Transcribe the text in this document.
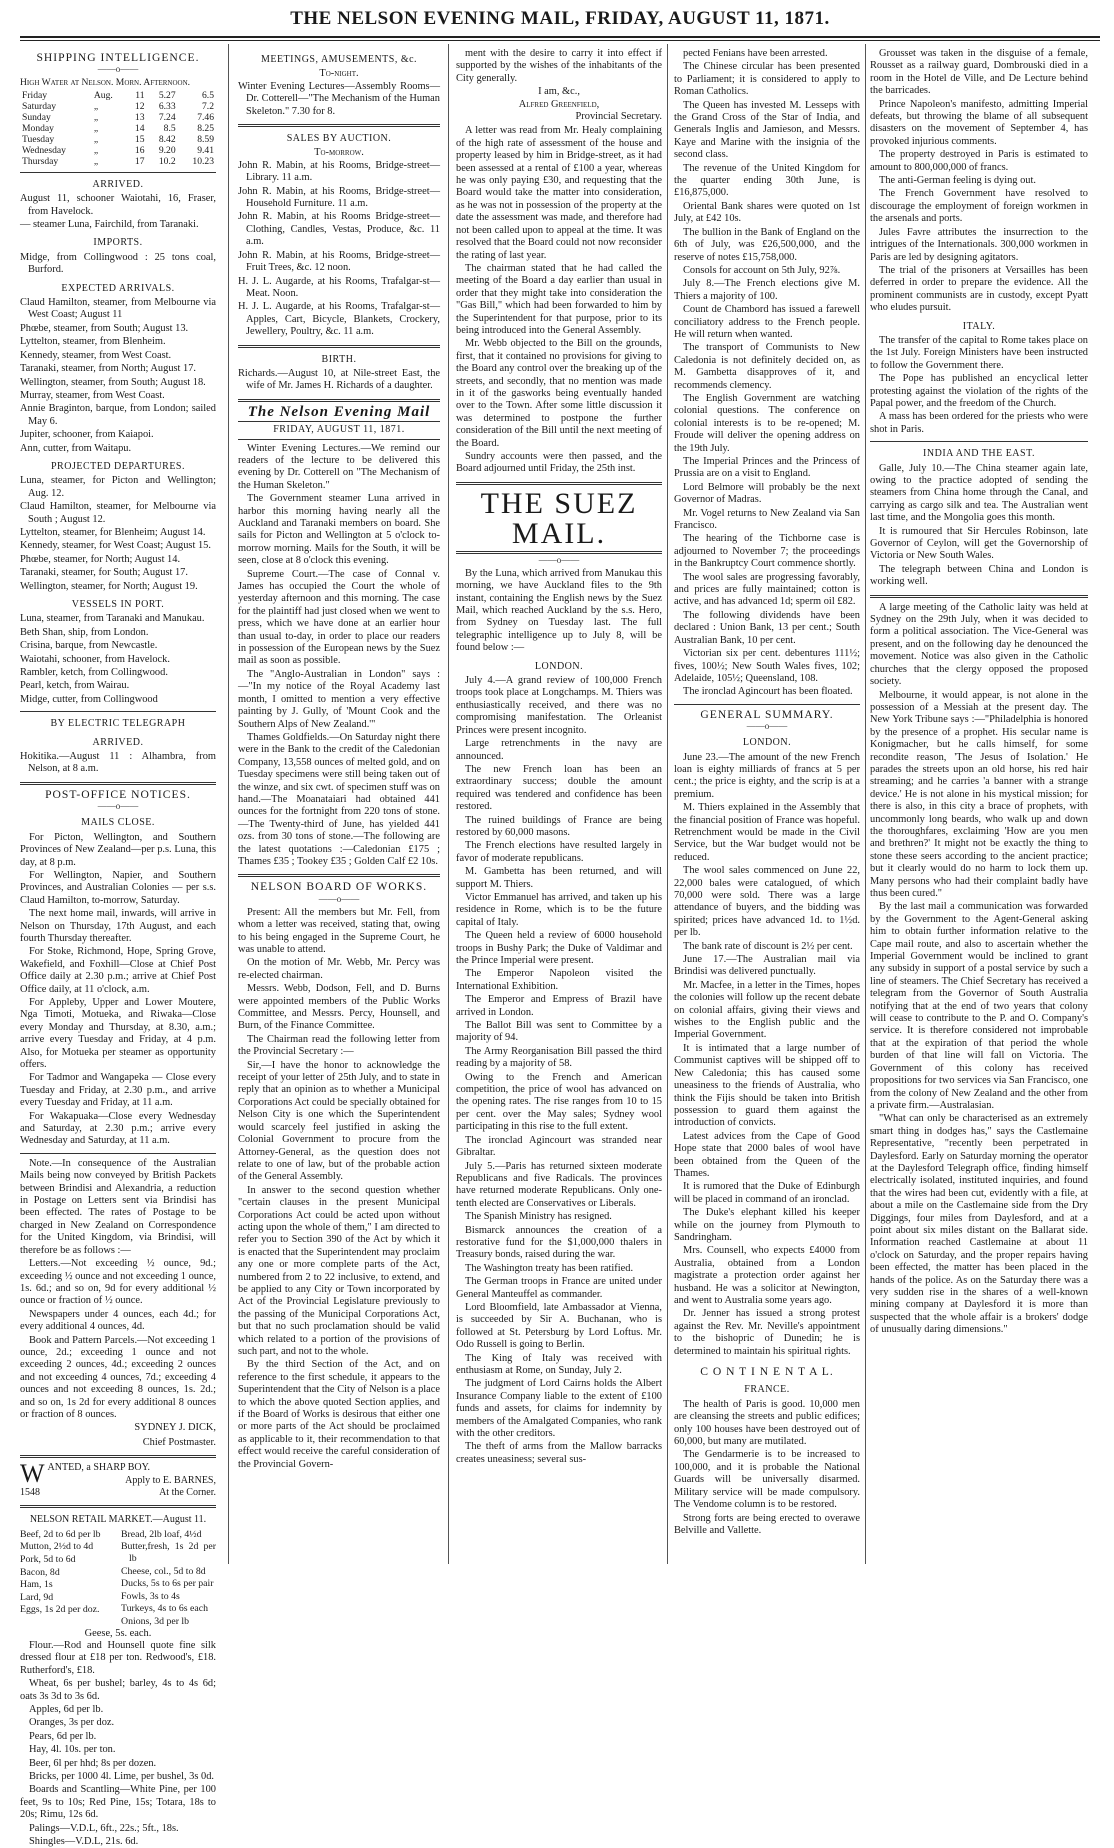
THE NELSON EVENING MAIL, FRIDAY, AUGUST 11, 1871.
SHIPPING INTELLIGENCE.
——o——
High Water at Nelson. Morn. Afternoon.
Friday	Aug.	11	5.27	6.5
Saturday	„	12	6.33	7.2
Sunday	„	13	7.24	7.46
Monday	„	14	8.5	8.25
Tuesday	„	15	8.42	8.59
Wednesday	„	16	9.20	9.41
Thursday	„	17	10.2	10.23
ARRIVED.
August 11, schooner Waiotahi, 16, Fraser, from Havelock.
— steamer Luna, Fairchild, from Taranaki.
IMPORTS.
Midge, from Collingwood : 25 tons coal, Burford.
EXPECTED ARRIVALS.
Claud Hamilton, steamer, from Melbourne via West Coast; August 11
Phœbe, steamer, from South; August 13.
Lyttelton, steamer, from Blenheim.
Kennedy, steamer, from West Coast.
Taranaki, steamer, from North; August 17.
Wellington, steamer, from South; August 18.
Murray, steamer, from West Coast.
Annie Braginton, barque, from London; sailed May 6.
Jupiter, schooner, from Kaiapoi.
Ann, cutter, from Waitapu.
PROJECTED DEPARTURES.
Luna, steamer, for Picton and Wellington; Aug. 12.
Claud Hamilton, steamer, for Melbourne via South ; August 12.
Lyttelton, steamer, for Blenheim; August 14.
Kennedy, steamer, for West Coast; August 15.
Phœbe, steamer, for North; August 14.
Taranaki, steamer, for South; August 17.
Wellington, steamer, for North; August 19.
VESSELS IN PORT.
Luna, steamer, from Taranaki and Manukau.
Beth Shan, ship, from London.
Crisina, barque, from Newcastle.
Waiotahi, schooner, from Havelock.
Rambler, ketch, from Collingwood.
Pearl, ketch, from Wairau.
Midge, cutter, from Collingwood
BY ELECTRIC TELEGRAPH
ARRIVED.
Hokitika.—August 11 : Alhambra, from Nelson, at 8 a.m.
POST-OFFICE NOTICES.
——o——
MAILS CLOSE.
For Picton, Wellington, and Southern Provinces of New Zealand—per p.s. Luna, this day, at 8 p.m.
For Wellington, Napier, and Southern Provinces, and Australian Colonies — per s.s. Claud Hamilton, to-morrow, Saturday.
The next home mail, inwards, will arrive in Nelson on Thursday, 17th August, and each fourth Thursday thereafter.
For Stoke, Richmond, Hope, Spring Grove, Wakefield, and Foxhill—Close at Chief Post Office daily at 2.30 p.m.; arrive at Chief Post Office daily, at 11 o'clock, a.m.
For Appleby, Upper and Lower Moutere, Nga Timoti, Motueka, and Riwaka—Close every Monday and Thursday, at 8.30, a.m.; arrive every Tuesday and Friday, at 4 p.m. Also, for Motueka per steamer as opportunity offers.
For Tadmor and Wangapeka — Close every Tuesday and Friday, at 2.30 p.m., and arrive every Tuesday and Friday, at 11 a.m.
For Wakapuaka—Close every Wednesday and Saturday, at 2.30 p.m.; arrive every Wednesday and Saturday, at 11 a.m.
Note.—In consequence of the Australian Mails being now conveyed by British Packets between Brindisi and Alexandria, a reduction in Postage on Letters sent via Brindisi has been effected. The rates of Postage to be charged in New Zealand on Correspondence for the United Kingdom, via Brindisi, will therefore be as follows :—
Letters.—Not exceeding ½ ounce, 9d.; exceeding ½ ounce and not exceeding 1 ounce, 1s. 6d.; and so on, 9d for every additional ½ ounce or fraction of ½ ounce.
Newspapers under 4 ounces, each 4d.; for every additional 4 ounces, 4d.
Book and Pattern Parcels.—Not exceeding 1 ounce, 2d.; exceeding 1 ounce and not exceeding 2 ounces, 4d.; exceeding 2 ounces and not exceeding 4 ounces, 7d.; exceeding 4 ounces and not exceeding 8 ounces, 1s. 2d.; and so on, 1s 2d for every additional 8 ounces or fraction of 8 ounces.
SYDNEY J. DICK,
Chief Postmaster.
W ANTED, a SHARP BOY.
Apply to E. BARNES,
1548	At the Corner.
NELSON RETAIL MARKET.—August 11.
Beef, 2d to 6d per lb
Mutton, 2½d to 4d
Pork, 5d to 6d
Bacon, 8d
Ham, 1s
Lard, 9d
Eggs, 1s 2d per doz.
Bread, 2lb loaf, 4½d
Butter,fresh, 1s 2d per lb
Cheese, col., 5d to 8d
Ducks, 5s to 6s per pair
Fowls, 3s to 4s
Turkeys, 4s to 6s each
Onions, 3d per lb
Geese, 5s. each.
Flour.—Rod and Hounsell quote fine silk dressed flour at £18 per ton. Redwood's, £18. Rutherford's, £18.
Wheat, 6s per bushel; barley, 4s to 4s 6d; oats 3s 3d to 3s 6d.
Apples, 6d per lb.
Oranges, 3s per doz.
Pears, 6d per lb.
Hay, 4l. 10s. per ton.
Beer, 6l per hhd; 8s per dozen.
Bricks, per 1000 4l. Lime, per bushel, 3s 0d.
Boards and Scantling—White Pine, per 100 feet, 9s to 10s; Red Pine, 15s; Totara, 18s to 20s; Rimu, 12s 6d.
Palings—V.D.L, 6ft., 22s.; 5ft., 18s.
Shingles—V.D.L, 21s. 6d.
MEETINGS, AMUSEMENTS, &c.
To-night.
Winter Evening Lectures—Assembly Rooms—Dr. Cotterell—"The Mechanism of the Human Skeleton." 7.30 for 8.
SALES BY AUCTION.
To-morrow.
John R. Mabin, at his Rooms, Bridge-street—Library. 11 a.m.
John R. Mabin, at his Rooms, Bridge-street—Household Furniture. 11 a.m.
John R. Mabin, at his Rooms Bridge-street—Clothing, Candles, Vestas, Produce, &c. 11 a.m.
John R. Mabin, at his Rooms, Bridge-street—Fruit Trees, &c. 12 noon.
H. J. L. Augarde, at his Rooms, Trafalgar-st—Meat. Noon.
H. J. L. Augarde, at his Rooms, Trafalgar-st—Apples, Cart, Bicycle, Blankets, Crockery, Jewellery, Poultry, &c. 11 a.m.
BIRTH.
Richards.—August 10, at Nile-street East, the wife of Mr. James H. Richards of a daughter.
The Nelson Evening Mail
FRIDAY, AUGUST 11, 1871.
Winter Evening Lectures.—We remind our readers of the lecture to be delivered this evening by Dr. Cotterell on "The Mechanism of the Human Skeleton."
The Government steamer Luna arrived in harbor this morning having nearly all the Auckland and Taranaki members on board. She sails for Picton and Wellington at 5 o'clock to-morrow morning. Mails for the South, it will be seen, close at 8 o'clock this evening.
Supreme Court.—The case of Connal v. James has occupied the Court the whole of yesterday afternoon and this morning. The case for the plaintiff had just closed when we went to press, which we have done at an earlier hour than usual to-day, in order to place our readers in possession of the European news by the Suez mail as soon as possible.
The "Anglo-Australian in London" says :—"In my notice of the Royal Academy last month, I omitted to mention a very effective painting by J. Gully, of 'Mount Cook and the Southern Alps of New Zealand.'"
Thames Goldfields.—On Saturday night there were in the Bank to the credit of the Caledonian Company, 13,558 ounces of melted gold, and on Tuesday specimens were still being taken out of the winze, and six cwt. of specimen stuff was on hand.—The Moanataiari had obtained 441 ounces for the fortnight from 220 tons of stone.—The Twenty-third of June, has yielded 441 ozs. from 30 tons of stone.—The following are the latest quotations :—Caledonian £175 ; Thames £35 ; Tookey £35 ; Golden Calf £2 10s.
NELSON BOARD OF WORKS.
——o——
Present: All the members but Mr. Fell, from whom a letter was received, stating that, owing to his being engaged in the Supreme Court, he was unable to attend.
On the motion of Mr. Webb, Mr. Percy was re-elected chairman.
Messrs. Webb, Dodson, Fell, and D. Burns were appointed members of the Public Works Committee, and Messrs. Percy, Hounsell, and Burn, of the Finance Committee.
The Chairman read the following letter from the Provincial Secretary :—
Sir,—I have the honor to acknowledge the receipt of your letter of 25th July, and to state in reply that an opinion as to whether a Municipal Corporations Act could be specially obtained for Nelson City is one which the Superintendent would scarcely feel justified in asking the Colonial Government to procure from the Attorney-General, as the question does not relate to one of law, but of the probable action of the General Assembly.
In answer to the second question whether "certain clauses in the present Municipal Corporations Act could be acted upon without acting upon the whole of them," I am directed to refer you to Section 390 of the Act by which it is enacted that the Superintendent may proclaim any one or more complete parts of the Act, numbered from 2 to 22 inclusive, to extend, and be applied to any City or Town incorporated by Act of the Provincial Legislature previously to the passing of the Municipal Corporations Act, but that no such proclamation should be valid which related to a portion of the provisions of such part, and not to the whole.
By the third Section of the Act, and on reference to the first schedule, it appears to the Superintendent that the City of Nelson is a place to which the above quoted Section applies, and if the Board of Works is desirous that either one or more parts of the Act should be proclaimed as applicable to it, their recommendation to that effect would receive the careful consideration of the Provincial Govern-
ment with the desire to carry it into effect if supported by the wishes of the inhabitants of the City generally.
I am, &c.,
Alfred Greenfield,
Provincial Secretary.
A letter was read from Mr. Healy complaining of the high rate of assessment of the house and property leased by him in Bridge-street, as it had been assessed at a rental of £100 a year, whereas he was only paying £30, and requesting that the Board would take the matter into consideration, as he was not in possession of the property at the date the assessment was made, and therefore had not been called upon to appeal at the time. It was resolved that the Board could not now reconsider the rating of last year.
The chairman stated that he had called the meeting of the Board a day earlier than usual in order that they might take into consideration the "Gas Bill," which had been forwarded to him by the Superintendent for that purpose, prior to its being introduced into the General Assembly.
Mr. Webb objected to the Bill on the grounds, first, that it contained no provisions for giving to the Board any control over the breaking up of the streets, and secondly, that no mention was made in it of the gasworks being eventually handed over to the Town. After some little discussion it was determined to postpone the further consideration of the Bill until the next meeting of the Board.
Sundry accounts were then passed, and the Board adjourned until Friday, the 25th inst.
THE SUEZ MAIL.
——o——
By the Luna, which arrived from Manukau this morning, we have Auckland files to the 9th instant, containing the English news by the Suez Mail, which reached Auckland by the s.s. Hero, from Sydney on Tuesday last. The full telegraphic intelligence up to July 8, will be found below :—
LONDON.
July 4.—A grand review of 100,000 French troops took place at Longchamps. M. Thiers was enthusiastically received, and there was no compromising manifestation. The Orleanist Princes were present incognito.
Large retrenchments in the navy are announced.
The new French loan has been an extraordinary success; double the amount required was tendered and confidence has been restored.
The ruined buildings of France are being restored by 60,000 masons.
The French elections have resulted largely in favor of moderate republicans.
M. Gambetta has been returned, and will support M. Thiers.
Victor Emmanuel has arrived, and taken up his residence in Rome, which is to be the future capital of Italy.
The Queen held a review of 6000 household troops in Bushy Park; the Duke of Valdimar and the Prince Imperial were present.
The Emperor Napoleon visited the International Exhibition.
The Emperor and Empress of Brazil have arrived in London.
The Ballot Bill was sent to Committee by a majority of 94.
The Army Reorganisation Bill passed the third reading by a majority of 58.
Owing to the French and American competition, the price of wool has advanced on the opening rates. The rise ranges from 10 to 15 per cent. over the May sales; Sydney wool participating in this rise to the full extent.
The ironclad Agincourt was stranded near Gibraltar.
July 5.—Paris has returned sixteen moderate Republicans and five Radicals. The provinces have returned moderate Republicans. Only one-tenth elected are Conservatives or Liberals.
The Spanish Ministry has resigned.
Bismarck announces the creation of a restorative fund for the $1,000,000 thalers in Treasury bonds, raised during the war.
The Washington treaty has been ratified.
The German troops in France are united under General Manteuffel as commander.
Lord Bloomfield, late Ambassador at Vienna, is succeeded by Sir A. Buchanan, who is followed at St. Petersburg by Lord Loftus. Mr. Odo Russell is going to Berlin.
The King of Italy was received with enthusiasm at Rome, on Sunday, July 2.
The judgment of Lord Cairns holds the Albert Insurance Company liable to the extent of £100 funds and assets, for claims for indemnity by members of the Amalgated Companies, who rank with the other creditors.
The theft of arms from the Mallow barracks creates uneasiness; several sus-
pected Fenians have been arrested.
The Chinese circular has been presented to Parliament; it is considered to apply to Roman Catholics.
The Queen has invested M. Lesseps with the Grand Cross of the Star of India, and Generals Inglis and Jamieson, and Messrs. Kaye and Marine with the insignia of the second class.
The revenue of the United Kingdom for the quarter ending 30th June, is £16,875,000.
Oriental Bank shares were quoted on 1st July, at £42 10s.
The bullion in the Bank of England on the 6th of July, was £26,500,000, and the reserve of notes £15,758,000.
Consols for account on 5th July, 92⅞.
July 8.—The French elections give M. Thiers a majority of 100.
Count de Chambord has issued a farewell conciliatory address to the French people. He will return when wanted.
The transport of Communists to New Caledonia is not definitely decided on, as M. Gambetta disapproves of it, and recommends clemency.
The English Government are watching colonial questions. The conference on colonial interests is to be re-opened; M. Froude will deliver the opening address on the 19th July.
The Imperial Princes and the Princess of Prussia are on a visit to England.
Lord Belmore will probably be the next Governor of Madras.
Mr. Vogel returns to New Zealand via San Francisco.
The hearing of the Tichborne case is adjourned to November 7; the proceedings in the Bankruptcy Court commence shortly.
The wool sales are progressing favorably, and prices are fully maintained; cotton is active, and has advanced 1d; sperm oil £82.
The following dividends have been declared : Union Bank, 13 per cent.; South Australian Bank, 10 per cent.
Victorian six per cent. debentures 111½; fives, 100½; New South Wales fives, 102; Adelaide, 105½; Queensland, 108.
The ironclad Agincourt has been floated.
GENERAL SUMMARY.
——o——
LONDON.
June 23.—The amount of the new French loan is eighty milliards of francs at 5 per cent.; the price is eighty, and the scrip is at a premium.
M. Thiers explained in the Assembly that the financial position of France was hopeful. Retrenchment would be made in the Civil Service, but the War budget would not be reduced.
The wool sales commenced on June 22, 22,000 bales were catalogued, of which 70,000 were sold. There was a large attendance of buyers, and the bidding was spirited; prices have advanced 1d. to 1½d. per lb.
The bank rate of discount is 2½ per cent.
June 17.—The Australian mail via Brindisi was delivered punctually.
Mr. Macfee, in a letter in the Times, hopes the colonies will follow up the recent debate on colonial affairs, giving their views and wishes to the English public and the Imperial Government.
It is intimated that a large number of Communist captives will be shipped off to New Caledonia; this has caused some uneasiness to the friends of Australia, who think the Fijis should be taken into British possession to guard them against the introduction of convicts.
Latest advices from the Cape of Good Hope state that 2000 bales of wool have been obtained from the Queen of the Thames.
It is rumored that the Duke of Edinburgh will be placed in command of an ironclad.
The Duke's elephant killed his keeper while on the journey from Plymouth to Sandringham.
Mrs. Counsell, who expects £4000 from Australia, obtained from a London magistrate a protection order against her husband. He was a solicitor at Newington, and went to Australia some years ago.
Dr. Jenner has issued a strong protest against the Rev. Mr. Neville's appointment to the bishopric of Dunedin; he is determined to maintain his spiritual rights.
C O N T I N E N T A L.
FRANCE.
The health of Paris is good. 10,000 men are cleansing the streets and public edifices; only 100 houses have been destroyed out of 60,000, but many are mutilated.
The Gendarmerie is to be increased to 100,000, and it is probable the National Guards will be universally disarmed. Military service will be made compulsory. The Vendome column is to be restored.
Strong forts are being erected to overawe Belville and Vallette.
Grousset was taken in the disguise of a female, Rousset as a railway guard, Dombrouski died in a room in the Hotel de Ville, and De Lecture behind the barricades.
Prince Napoleon's manifesto, admitting Imperial defeats, but throwing the blame of all subsequent disasters on the movement of September 4, has provoked injurious comments.
The property destroyed in Paris is estimated to amount to 800,000,000 of francs.
The anti-German feeling is dying out.
The French Government have resolved to discourage the employment of foreign workmen in the arsenals and ports.
Jules Favre attributes the insurrection to the intrigues of the Internationals. 300,000 workmen in Paris are led by designing agitators.
The trial of the prisoners at Versailles has been deferred in order to prepare the evidence. All the prominent communists are in custody, except Pyatt who eludes pursuit.
ITALY.
The transfer of the capital to Rome takes place on the 1st July. Foreign Ministers have been instructed to follow the Government there.
The Pope has published an encyclical letter protesting against the violation of the rights of the Papal power, and the freedom of the Church.
A mass has been ordered for the priests who were shot in Paris.
INDIA AND THE EAST.
Galle, July 10.—The China steamer again late, owing to the practice adopted of sending the steamers from China home through the Canal, and carrying as cargo silk and tea. The Australian went last time, and the Mongolia goes this month.
It is rumoured that Sir Hercules Robinson, late Governor of Ceylon, will get the Governorship of Victoria or New South Wales.
The telegraph between China and London is working well.
A large meeting of the Catholic laity was held at Sydney on the 29th July, when it was decided to form a political association. The Vice-General was present, and on the following day he denounced the movement. Notice was also given in the Catholic churches that the clergy opposed the proposed society.
Melbourne, it would appear, is not alone in the possession of a Messiah at the present day. The New York Tribune says :—"Philadelphia is honored by the presence of a prophet. His secular name is Konigmacher, but he calls himself, for some recondite reason, 'The Jesus of Isolation.' He parades the streets upon an old horse, his red hair streaming; and he carries 'a banner with a strange device.' He is not alone in his mystical mission; for there is also, in this city a brace of prophets, with uncommonly long beards, who walk up and down the thoroughfares, exclaiming 'How are you men and brethren?' It might not be exactly the thing to stone these seers according to the ancient practice; but it clearly would do no harm to lock them up. Many persons who had their complaint badly have thus been cured."
By the last mail a communication was forwarded by the Government to the Agent-General asking him to obtain further information relative to the Cape mail route, and also to ascertain whether the Imperial Government would be inclined to grant any subsidy in support of a postal service by such a line of steamers. The Chief Secretary has received a telegram from the Governor of South Australia notifying that at the end of two years that colony will cease to contribute to the P. and O. Company's service. It is therefore considered not improbable that at the expiration of that period the whole burden of that line will fall on Victoria. The Government of this colony has received propositions for two services via San Francisco, one from the colony of New Zealand and the other from a private firm.—Australasian.
"What can only be characterised as an extremely smart thing in dodges has," says the Castlemaine Representative, "recently been perpetrated in Daylesford. Early on Saturday morning the operator at the Daylesford Telegraph office, finding himself electrically isolated, instituted inquiries, and found that the wires had been cut, evidently with a file, at about a mile on the Castlemaine side from the Dry Diggings, four miles from Daylesford, and at a point about six miles distant on the Ballarat side. Information reached Castlemaine at about 11 o'clock on Saturday, and the proper repairs having been effected, the matter has been placed in the hands of the police. As on the Saturday there was a very sudden rise in the shares of a well-known mining company at Daylesford it is more than suspected that the whole affair is a brokers' dodge of unusually daring dimensions."
